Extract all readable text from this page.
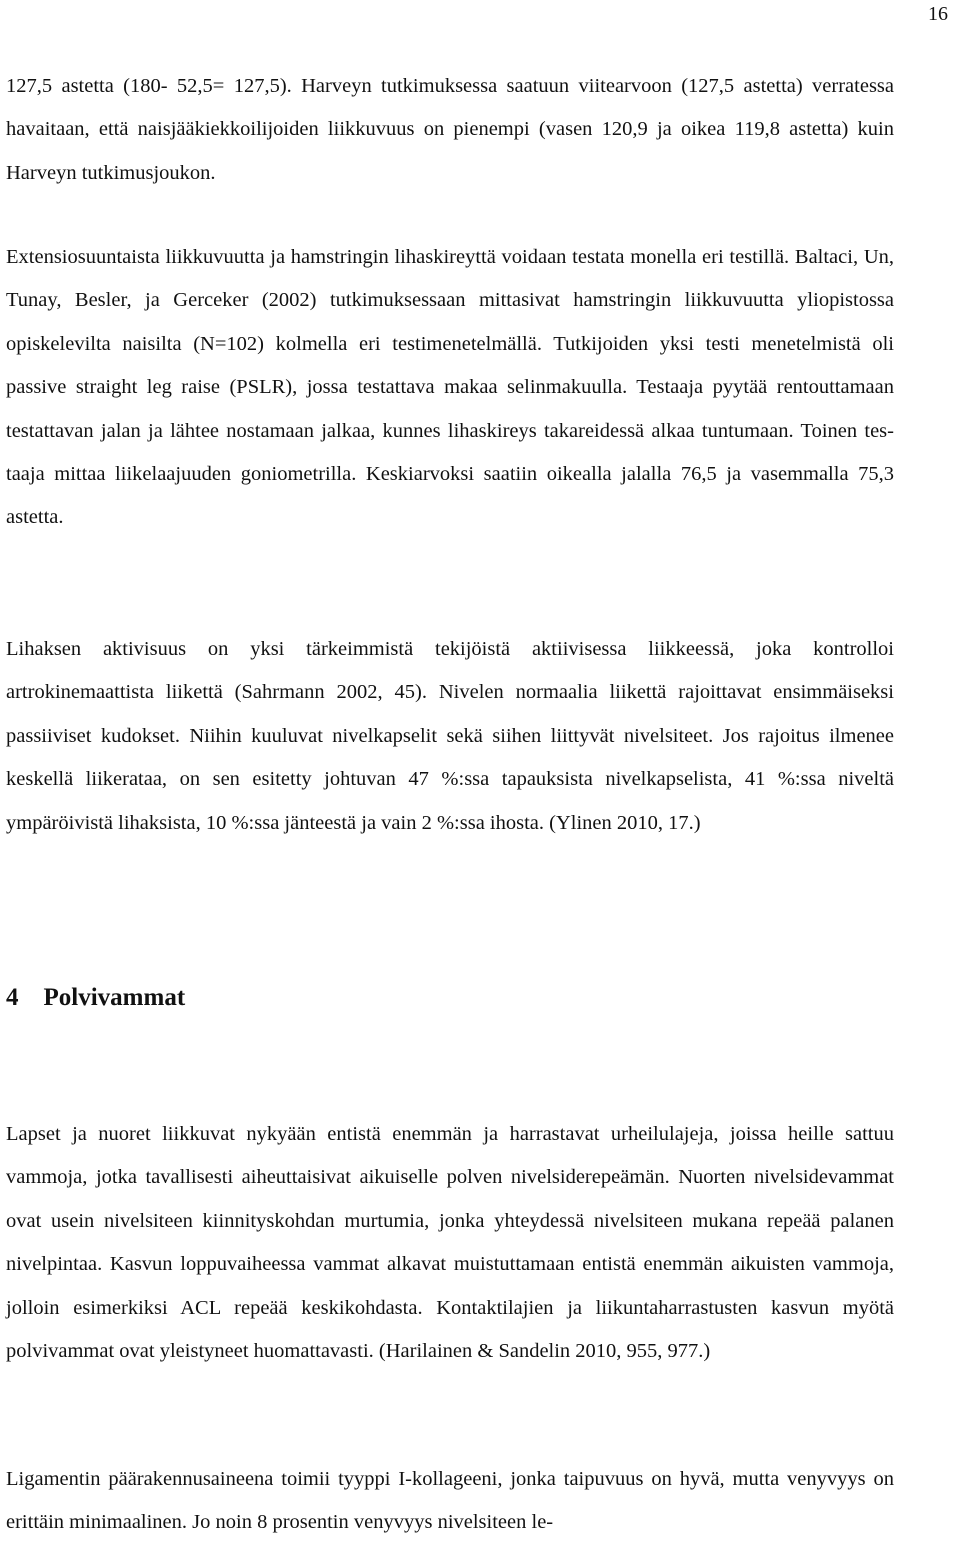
16

127,5 astetta (180- 52,5= 127,5). Harveyn tutkimuksessa saatuun viitearvoon (127,5 astetta) verratessa havaitaan, että naisjääkiekkoilijoiden liikkuvuus on pienempi (vasen 120,9 ja oikea 119,8 astetta) kuin Harveyn tutkimusjoukon.

Extensiosuuntaista liikkuvuutta ja hamstringin lihaskireyttä voidaan testata monella eri testillä. Baltaci, Un, Tunay, Besler, ja Gerceker (2002) tutkimuksessaan mittasivat hamstringin liikkuvuutta yliopistossa opiskelevilta naisilta (N=102) kolmella eri testimenetelmällä. Tutkijoiden yksi testi menetelmistä oli passive straight leg raise (PSLR), jossa testattava makaa selinmakuulla. Testaaja pyytää rentouttamaan testattavan jalan ja lähtee nostamaan jalkaa, kunnes lihaskireys takareidessä alkaa tuntumaan. Toinen testaaja mittaa liikelaajuuden goniometrilla. Keskiarvoksi saatiin oikealla jalalla 76,5 ja vasemmalla 75,3 astetta.

Lihaksen aktivisuus on yksi tärkeimmistä tekijöistä aktiivisessa liikkeessä, joka kontrolloi artrokinemaattista liikettä (Sahrmann 2002, 45). Nivelen normaalia liikettä rajoittavat ensimmäiseksi passiiviset kudokset. Niihin kuuluvat nivelkapselit sekä siihen liittyvät nivelsiteet. Jos rajoitus ilmenee keskellä liikerataa, on sen esitetty johtuvan 47 %:ssa tapauksista nivelkapselista, 41 %:ssa niveltä ympäröivistä lihaksista, 10 %:ssa jänteestä ja vain 2 %:ssa ihosta. (Ylinen 2010, 17.)

4    Polvivammat

Lapset ja nuoret liikkuvat nykyään entistä enemmän ja harrastavat urheilulajeja, joissa heille sattuu vammoja, jotka tavallisesti aiheuttaisivat aikuiselle polven nivelsiderepeämän. Nuorten nivelsidevammat ovat usein nivelsiteen kiinnityskohdan murtumia, jonka yhteydessä nivelsiteen mukana repeää palanen nivelpintaa. Kasvun loppuvaiheessa vammat alkavat muistuttamaan entistä enemmän aikuisten vammoja, jolloin esimerkiksi ACL repeää keskikohdasta. Kontaktilajien ja liikuntaharrastusten kasvun myötä polvivammat ovat yleistyneet huomattavasti. (Harilainen & Sandelin 2010, 955, 977.)

Ligamentin päärakennusaineena toimii tyyppi I-kollageeni, jonka taipuvuus on hyvä, mutta venyvyys on erittäin minimaalinen. Jo noin 8 prosentin venyvyys nivelsiteen le-
